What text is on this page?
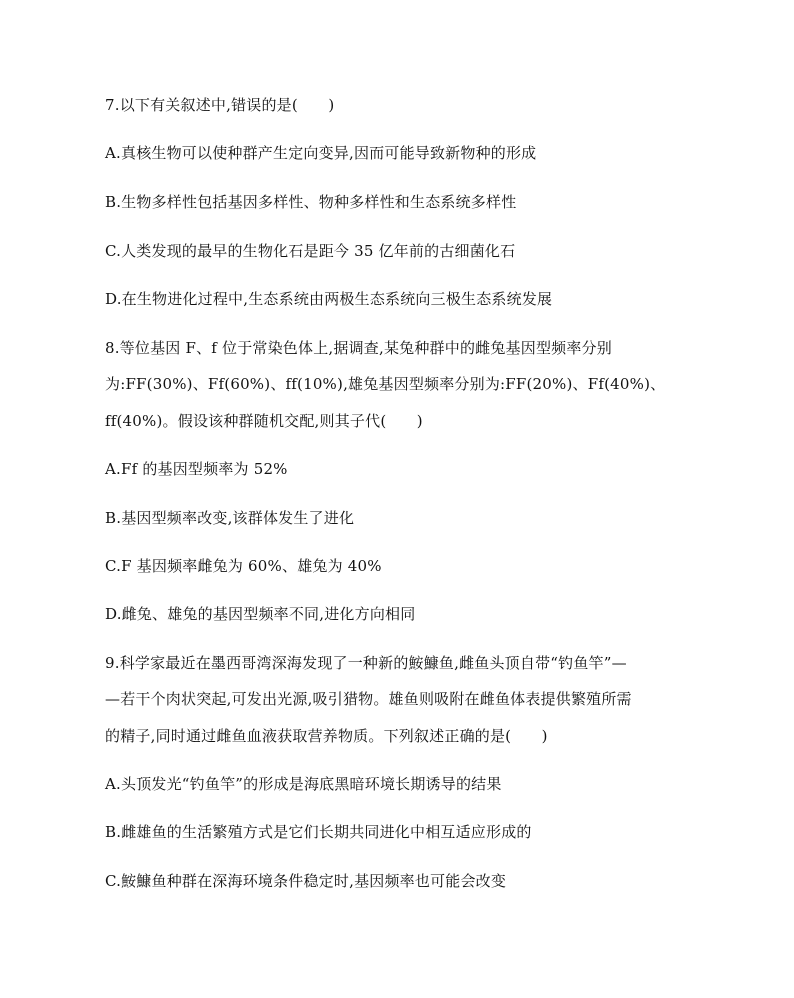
7.以下有关叙述中,错误的是(　　)
A.真核生物可以使种群产生定向变异,因而可能导致新物种的形成
B.生物多样性包括基因多样性、物种多样性和生态系统多样性
C.人类发现的最早的生物化石是距今 35 亿年前的古细菌化石
D.在生物进化过程中,生态系统由两极生态系统向三极生态系统发展
8.等位基因 F、f 位于常染色体上,据调查,某兔种群中的雌兔基因型频率分别
为:FF(30%)、Ff(60%)、ff(10%),雄兔基因型频率分别为:FF(20%)、Ff(40%)、
ff(40%)。假设该种群随机交配,则其子代(　　)
A.Ff 的基因型频率为 52%
B.基因型频率改变,该群体发生了进化
C.F 基因频率雌兔为 60%、雄兔为 40%
D.雌兔、雄兔的基因型频率不同,进化方向相同
9.科学家最近在墨西哥湾深海发现了一种新的鮟鱇鱼,雌鱼头顶自带“钓鱼竿”—
—若干个肉状突起,可发出光源,吸引猎物。雄鱼则吸附在雌鱼体表提供繁殖所需
的精子,同时通过雌鱼血液获取营养物质。下列叙述正确的是(　　)
A.头顶发光“钓鱼竿”的形成是海底黑暗环境长期诱导的结果
B.雌雄鱼的生活繁殖方式是它们长期共同进化中相互适应形成的
C.鮟鱇鱼种群在深海环境条件稳定时,基因频率也可能会改变
